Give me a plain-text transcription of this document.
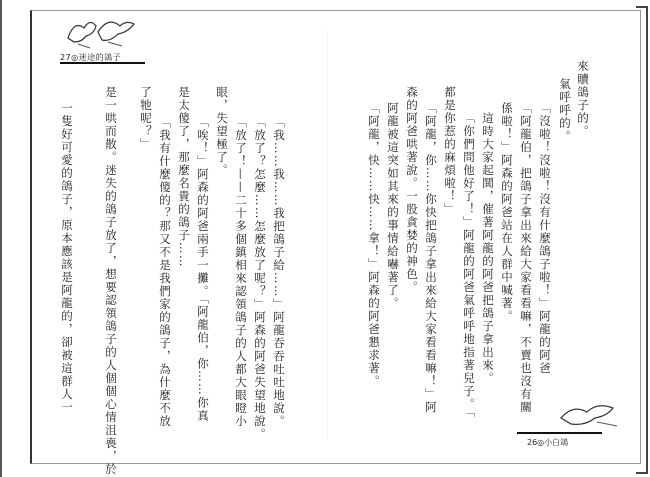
27◎迷途的鴿子
26◎小白鴿
來贖鴿子的。
氣呼呼的。
「沒啦！沒啦！沒有什麼鴿子啦！」阿龍的阿爸
「阿龍伯，把鴿子拿出來給大家看看嘛，不賣也沒有關
係啦！」阿森的阿爸站在人群中喊著。
這時大家起鬨，催著阿龍的阿爸把鴿子拿出來。
「你們問他好了！」阿龍的阿爸氣呼呼地指著兒子。「
都是你惹的麻煩啦！」
「阿龍，你……你快把鴿子拿出來給大家看看嘛！」阿
森的阿爸哄著說。一股貪婪的神色。
阿龍被這突如其來的事情給嚇著了。
「阿龍，快……快……拿！」阿森的阿爸懇求著。
「我……我……我把鴿子給……」阿龍吞吞吐吐地說。
「放了？怎麼……怎麼放了呢？」阿森的阿爸失望地說。
「放了！——二十多個鎮相來認領鴿子的人都大眼瞪小
眼，失望極了。
「唉！」阿森的阿爸兩手一攤。「阿龍伯，你……你真
是太傻了，那麼名貴的鴿子……
「我有什麼傻的？那又不是我們家的鴿子，為什麼不放
了牠呢？」
是一哄而散。迷失的鴿子放了，想要認領鴿子的人個個心情沮喪，於
一隻好可愛的鴿子，原本應該是阿龍的，卻被這群人一
